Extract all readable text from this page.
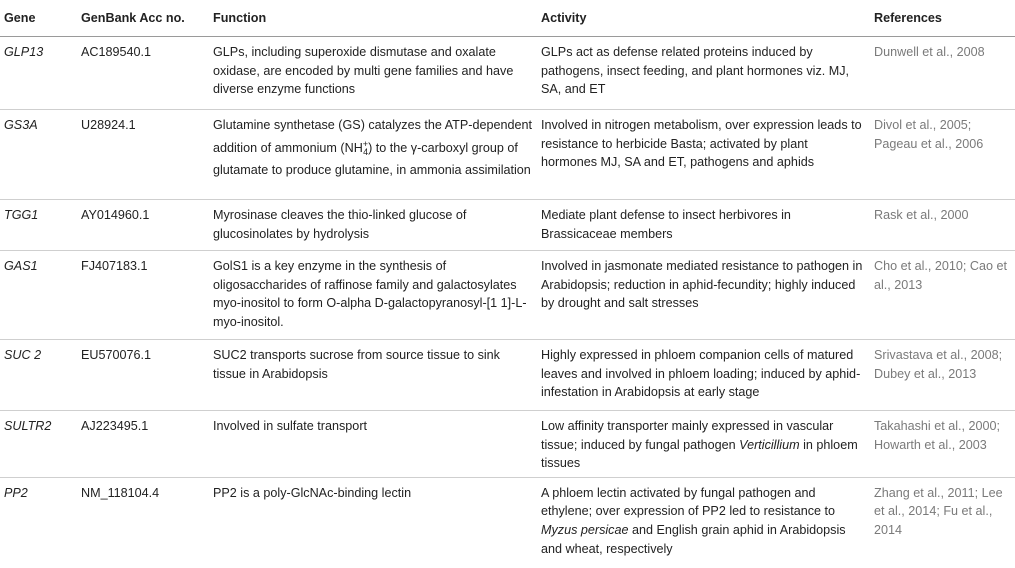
Gene	GenBank Acc no.	Function	Activity	References
GLP13	AC189540.1	GLPs, including superoxide dismutase and oxalate oxidase, are encoded by multi gene families and have diverse enzyme functions	GLPs act as defense related proteins induced by pathogens, insect feeding, and plant hormones viz. MJ, SA, and ET	Dunwell et al., 2008
GS3A	U28924.1	Glutamine synthetase (GS) catalyzes the ATP-dependent addition of ammonium $(NH^+_4)$ to the γ-carboxyl group of glutamate to produce glutamine, in ammonia assimilation	Involved in nitrogen metabolism, over expression leads to resistance to herbicide Basta; activated by plant hormones MJ, SA and ET, pathogens and aphids	Divol et al., 2005; Pageau et al., 2006
TGG1	AY014960.1	Myrosinase cleaves the thio-linked glucose of glucosinolates by hydrolysis	Mediate plant defense to insect herbivores in Brassicaceae members	Rask et al., 2000
GAS1	FJ407183.1	GolS1 is a key enzyme in the synthesis of oligosaccharides of raffinose family and galactosylates myo-inositol to form O-alpha D-galactopyranosyl-[1 1]-L-myo-inositol.	Involved in jasmonate mediated resistance to pathogen in Arabidopsis; reduction in aphid-fecundity; highly induced by drought and salt stresses	Cho et al., 2010; Cao et al., 2013
SUC 2	EU570076.1	SUC2 transports sucrose from source tissue to sink tissue in Arabidopsis	Highly expressed in phloem companion cells of matured leaves and involved in phloem loading; induced by aphid-infestation in Arabidopsis at early stage	Srivastava et al., 2008; Dubey et al., 2013
SULTR2	AJ223495.1	Involved in sulfate transport	Low affinity transporter mainly expressed in vascular tissue; induced by fungal pathogen Verticillium in phloem tissues	Takahashi et al., 2000; Howarth et al., 2003
PP2	NM_118104.4	PP2 is a poly-GlcNAc-binding lectin	A phloem lectin activated by fungal pathogen and ethylene; over expression of PP2 led to resistance to Myzus persicae and English grain aphid in Arabidopsis and wheat, respectively	Zhang et al., 2011; Lee et al., 2014; Fu et al., 2014
